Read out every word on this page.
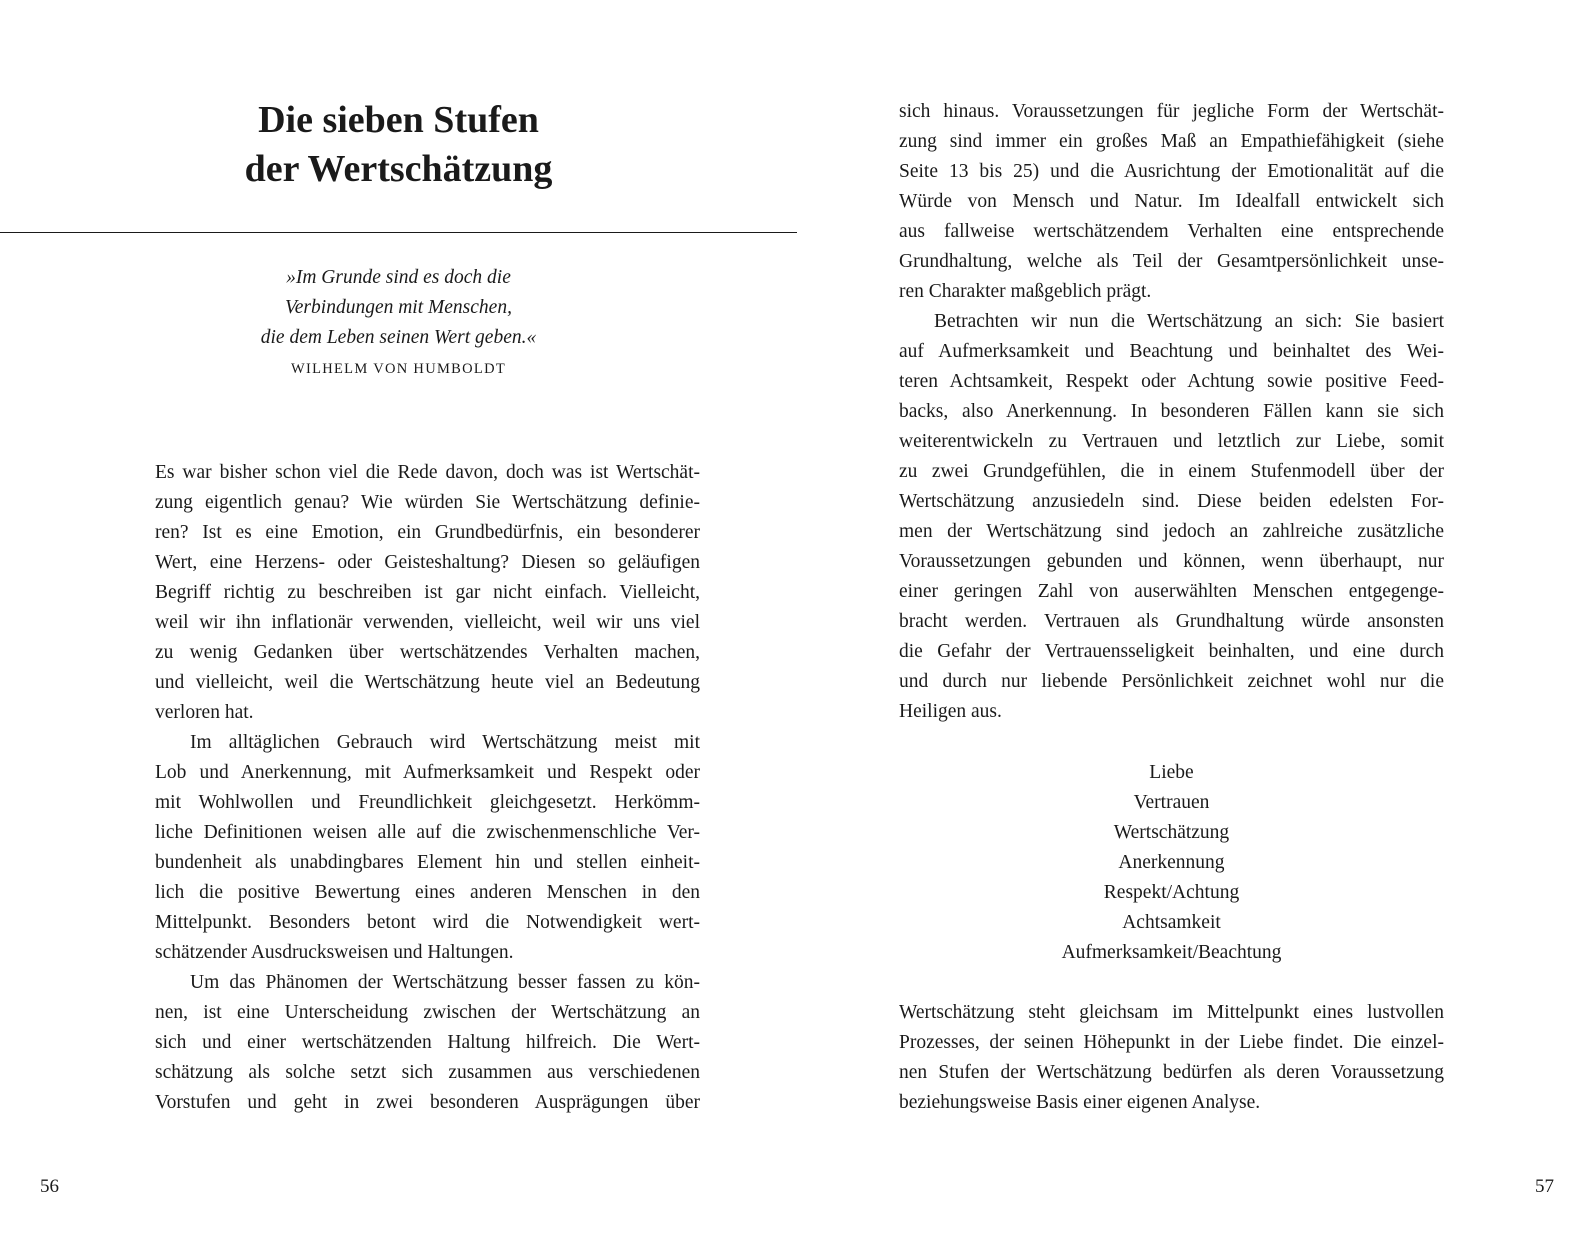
Die sieben Stufen
der Wertschätzung
»Im Grunde sind es doch die
Verbindungen mit Menschen,
die dem Leben seinen Wert geben.«
WILHELM VON HUMBOLDT

Es war bisher schon viel die Rede davon, doch was ist Wertschät-
zung eigentlich genau? Wie würden Sie Wertschätzung definie-
ren? Ist es eine Emotion, ein Grundbedürfnis, ein besonderer
Wert, eine Herzens- oder Geisteshaltung? Diesen so geläufigen
Begriff richtig zu beschreiben ist gar nicht einfach. Vielleicht,
weil wir ihn inflationär verwenden, vielleicht, weil wir uns viel
zu wenig Gedanken über wertschätzendes Verhalten machen,
und vielleicht, weil die Wertschätzung heute viel an Bedeutung
verloren hat.

Im alltäglichen Gebrauch wird Wertschätzung meist mit
Lob und Anerkennung, mit Aufmerksamkeit und Respekt oder
mit Wohlwollen und Freundlichkeit gleichgesetzt. Herkömm-
liche Definitionen weisen alle auf die zwischenmenschliche Ver-
bundenheit als unabdingbares Element hin und stellen einheit-
lich die positive Bewertung eines anderen Menschen in den
Mittelpunkt. Besonders betont wird die Notwendigkeit wert-
schätzender Ausdrucksweisen und Haltungen.

Um das Phänomen der Wertschätzung besser fassen zu kön-
nen, ist eine Unterscheidung zwischen der Wertschätzung an
sich und einer wertschätzenden Haltung hilfreich. Die Wert-
schätzung als solche setzt sich zusammen aus verschiedenen
Vorstufen und geht in zwei besonderen Ausprägungen über

56

sich hinaus. Voraussetzungen für jegliche Form der Wertschät-
zung sind immer ein großes Maß an Empathiefähigkeit (siehe
Seite 13 bis 25) und die Ausrichtung der Emotionalität auf die
Würde von Mensch und Natur. Im Idealfall entwickelt sich
aus fallweise wertschätzendem Verhalten eine entsprechende
Grundhaltung, welche als Teil der Gesamtpersönlichkeit unse-
ren Charakter maßgeblich prägt.

Betrachten wir nun die Wertschätzung an sich: Sie basiert
auf Aufmerksamkeit und Beachtung und beinhaltet des Wei-
teren Achtsamkeit, Respekt oder Achtung sowie positive Feed-
backs, also Anerkennung. In besonderen Fällen kann sie sich
weiterentwickeln zu Vertrauen und letztlich zur Liebe, somit
zu zwei Grundgefühlen, die in einem Stufenmodell über der
Wertschätzung anzusiedeln sind. Diese beiden edelsten For-
men der Wertschätzung sind jedoch an zahlreiche zusätzliche
Voraussetzungen gebunden und können, wenn überhaupt, nur
einer geringen Zahl von auserwählten Menschen entgegenge-
bracht werden. Vertrauen als Grundhaltung würde ansonsten
die Gefahr der Vertrauensseligkeit beinhalten, und eine durch
und durch nur liebende Persönlichkeit zeichnet wohl nur die
Heiligen aus.

Liebe
Vertrauen
Wertschätzung
Anerkennung
Respekt/Achtung
Achtsamkeit
Aufmerksamkeit/Beachtung

Wertschätzung steht gleichsam im Mittelpunkt eines lustvollen
Prozesses, der seinen Höhepunkt in der Liebe findet. Die einzel-
nen Stufen der Wertschätzung bedürfen als deren Voraussetzung
beziehungsweise Basis einer eigenen Analyse.

57
